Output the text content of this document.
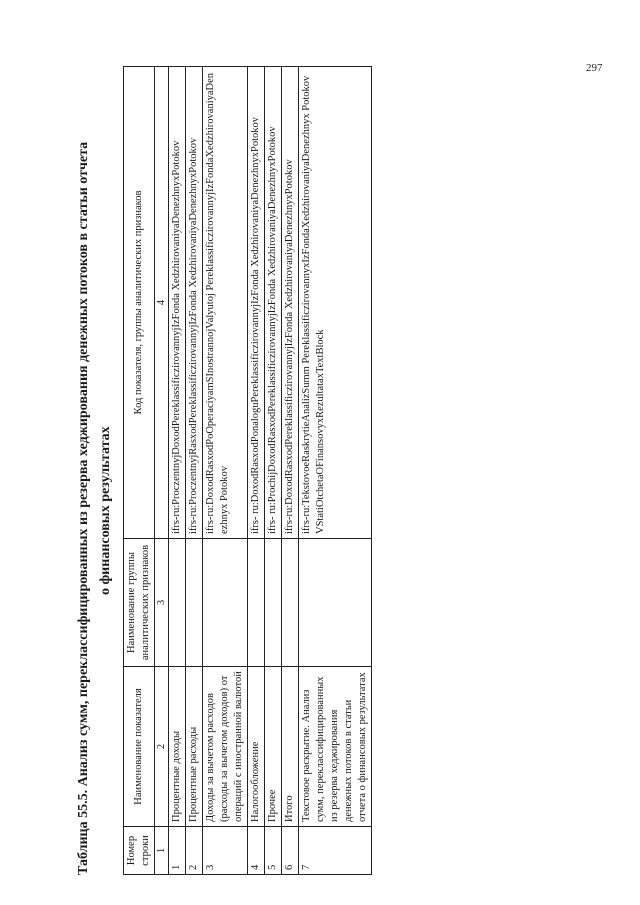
297
Таблица 55.5. Анализ сумм, переклассифицированных из резерва хеджирования денежных потоков в статьи отчета о финансовых результатах
Номер строки	Наименование показателя	Наименование группы аналитических признаков	Код показателя, группы аналитических признаков
1	2	3	4
1	Процентные доходы		ifrs-ru:ProczentnyjDoxodPereklassificzirovannyjIzFonda XedzhirovaniyaDenezhnyxPotokov
2	Процентные расходы		ifrs-ru:ProczentnyjRasxodPereklassificzirovannyjIzFonda XedzhirovaniyaDenezhnyxPotokov
3	Доходы за вычетом расходов (расходы за вычетом доходов) от операций с иностранной валютой		ifrs-ru:DoxodRasxodPoOperaciyamSInostrannojValyutoj PereklassificzirovannyjIzFondaXedzhirovaniyaDenezhnyx Potokov
4	Налогообложение		ifrs- ru:DoxodRasxodPonaloguPereklassificzirovannyjIzFonda XedzhirovaniyaDenezhnyxPotokov
5	Прочее		ifrs- ru:ProchijDoxodRasxodPereklassificzirovannyjIzFonda XedzhirovaniyaDenezhnyxPotokov
6	Итого		ifrs-ru:DoxodRasxodPereklassificzirovannyjIzFonda XedzhirovaniyaDenezhnyxPotokov
7	Текстовое раскрытие. Анализ сумм, переклассифицированных из резерва хеджирования денежных потоков в статьи отчета о финансовых результатах		ifrs-ru:TekstovoeRaskrytieAnalizSumm PereklassificzirovannyxIzFondaXedzhirovaniyaDenezhnyx PotokovVStatiOtchetaOFinansovyxRezultataxTextBlock
